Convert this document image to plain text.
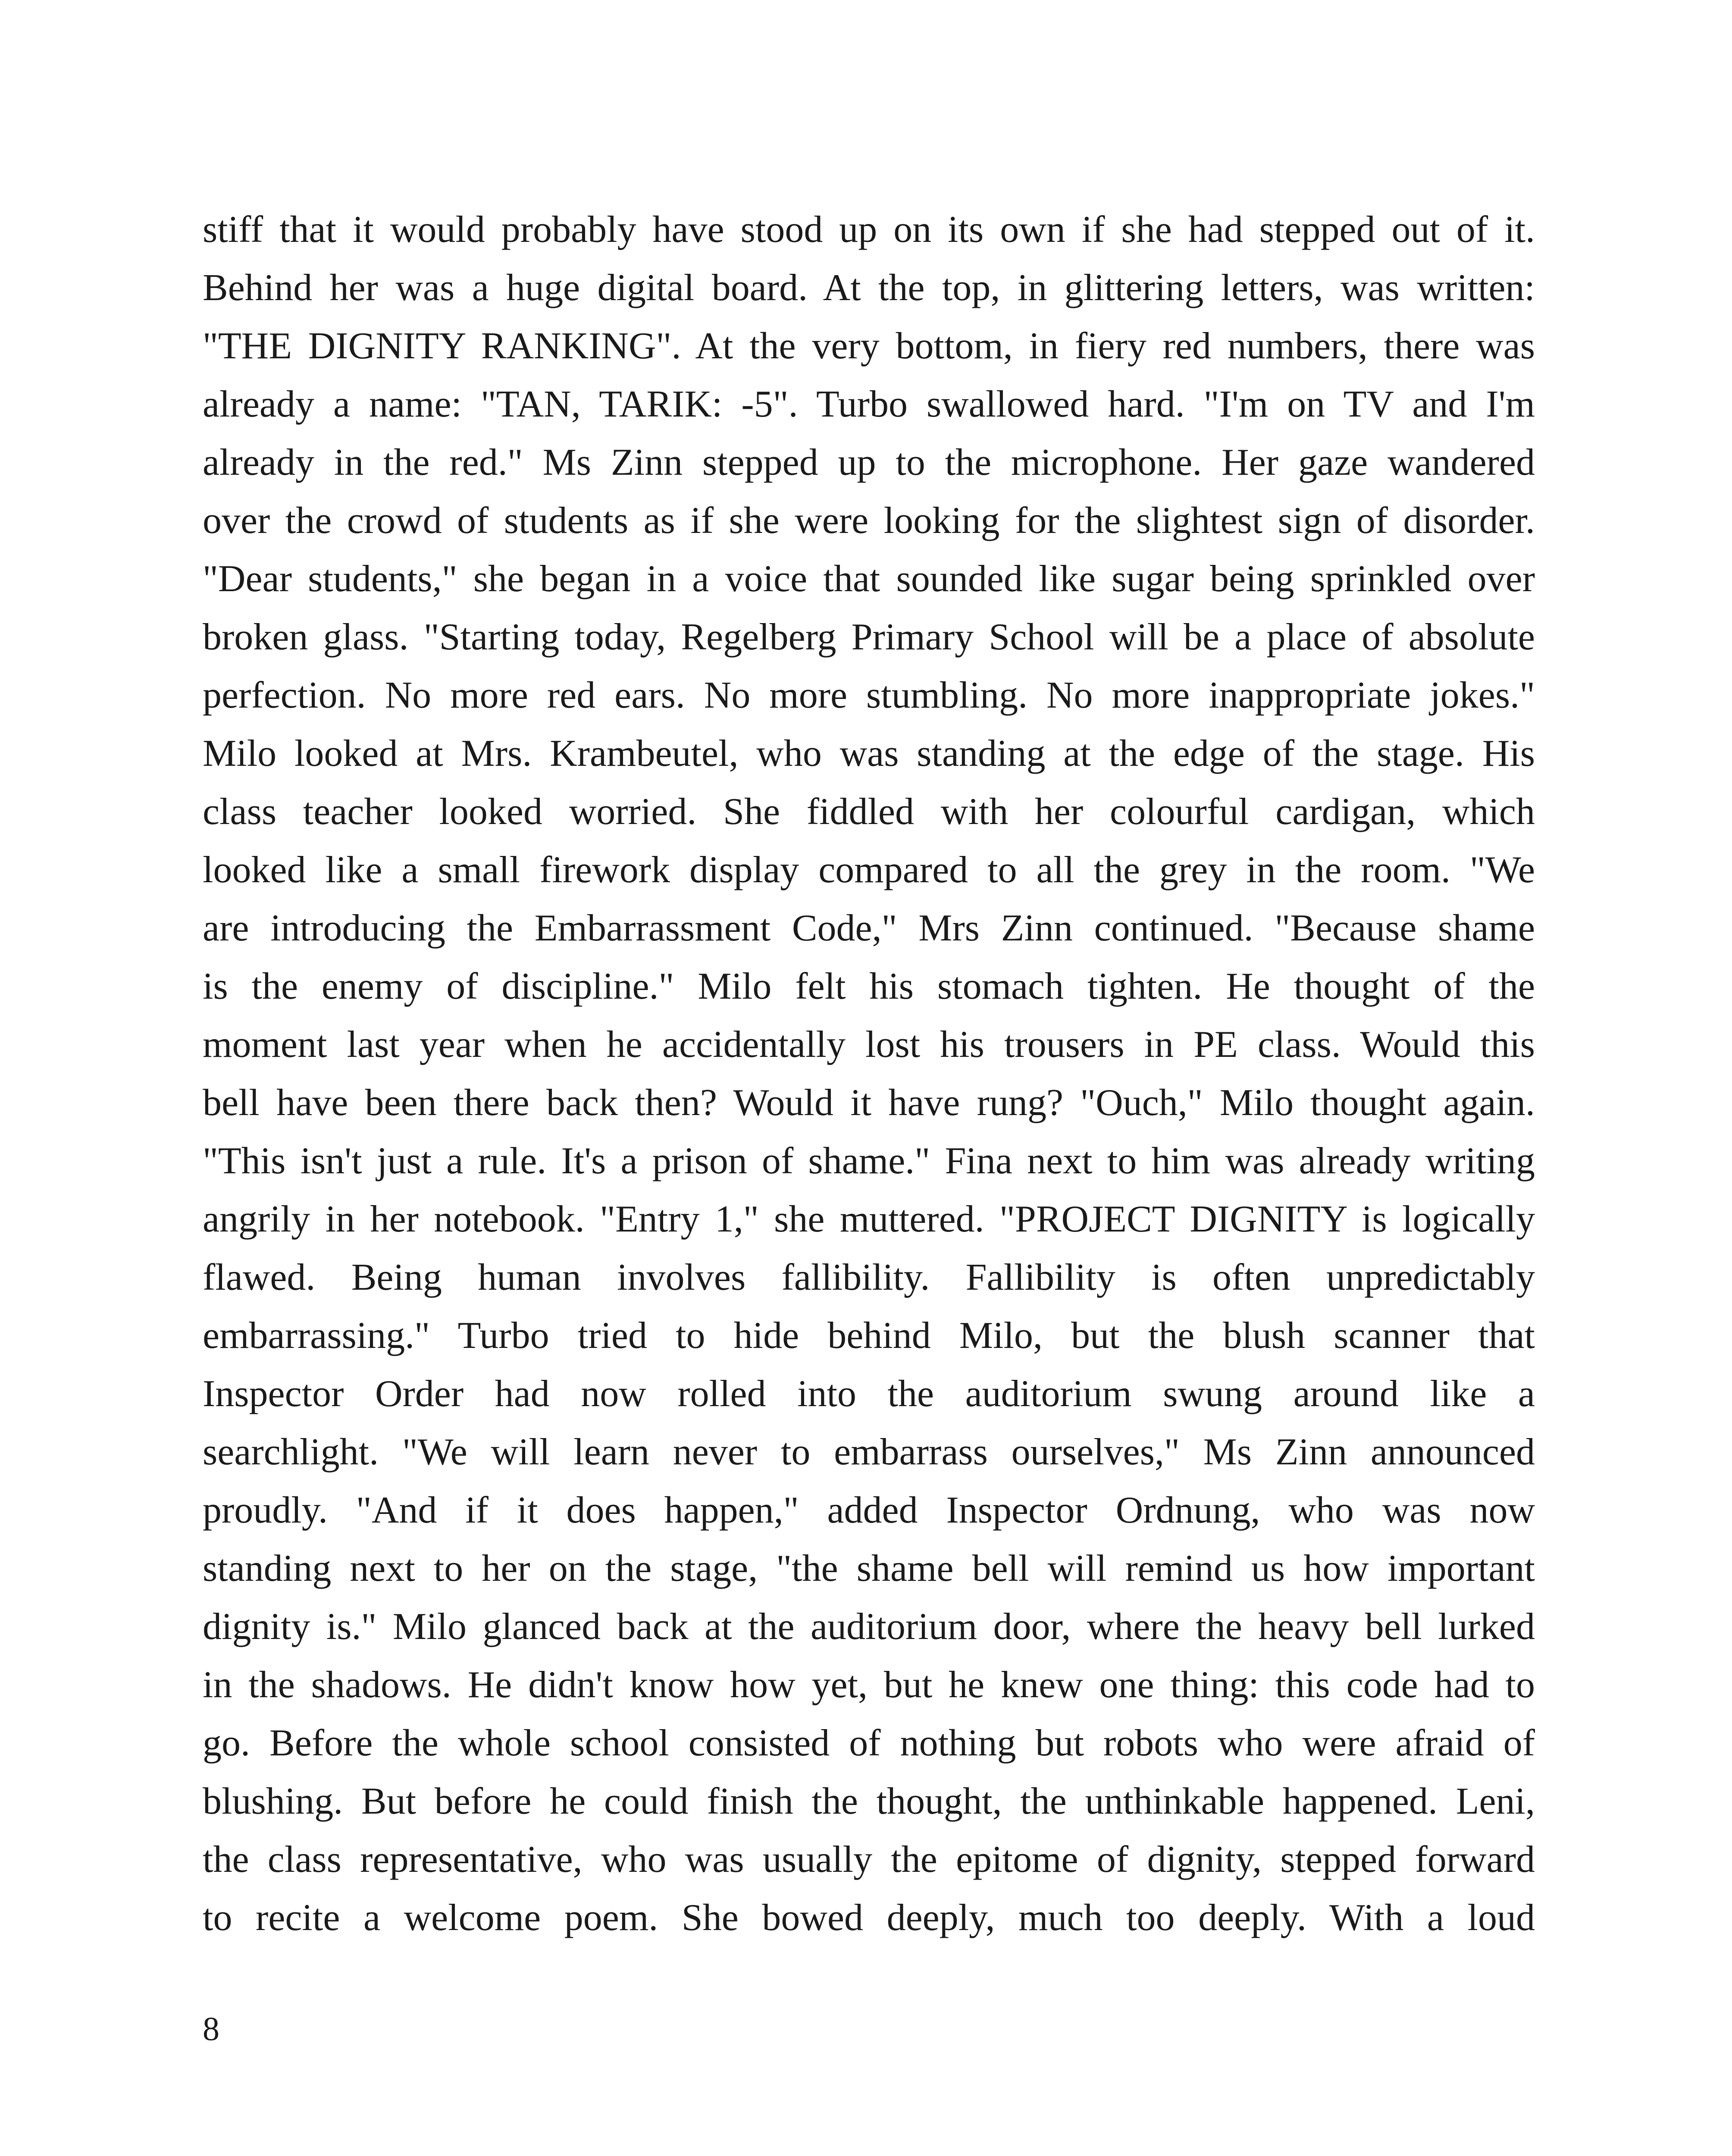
stiff that it would probably have stood up on its own if she had stepped out of it.
Behind her was a huge digital board. At the top, in glittering letters, was written:
"THE DIGNITY RANKING". At the very bottom, in fiery red numbers, there was
already a name: "TAN, TARIK: -5". Turbo swallowed hard. "I'm on TV and I'm
already in the red." Ms Zinn stepped up to the microphone. Her gaze wandered
over the crowd of students as if she were looking for the slightest sign of disorder.
"Dear students," she began in a voice that sounded like sugar being sprinkled over
broken glass. "Starting today, Regelberg Primary School will be a place of absolute
perfection. No more red ears. No more stumbling. No more inappropriate jokes."
Milo looked at Mrs. Krambeutel, who was standing at the edge of the stage. His
class teacher looked worried. She fiddled with her colourful cardigan, which
looked like a small firework display compared to all the grey in the room. "We
are introducing the Embarrassment Code," Mrs Zinn continued. "Because shame
is the enemy of discipline." Milo felt his stomach tighten. He thought of the
moment last year when he accidentally lost his trousers in PE class. Would this
bell have been there back then? Would it have rung? "Ouch," Milo thought again.
"This isn't just a rule. It's a prison of shame." Fina next to him was already writing
angrily in her notebook. "Entry 1," she muttered. "PROJECT DIGNITY is logically
flawed. Being human involves fallibility. Fallibility is often unpredictably
embarrassing." Turbo tried to hide behind Milo, but the blush scanner that
Inspector Order had now rolled into the auditorium swung around like a
searchlight. "We will learn never to embarrass ourselves," Ms Zinn announced
proudly. "And if it does happen," added Inspector Ordnung, who was now
standing next to her on the stage, "the shame bell will remind us how important
dignity is." Milo glanced back at the auditorium door, where the heavy bell lurked
in the shadows. He didn't know how yet, but he knew one thing: this code had to
go. Before the whole school consisted of nothing but robots who were afraid of
blushing. But before he could finish the thought, the unthinkable happened. Leni,
the class representative, who was usually the epitome of dignity, stepped forward
to recite a welcome poem. She bowed deeply, much too deeply. With a loud
8
